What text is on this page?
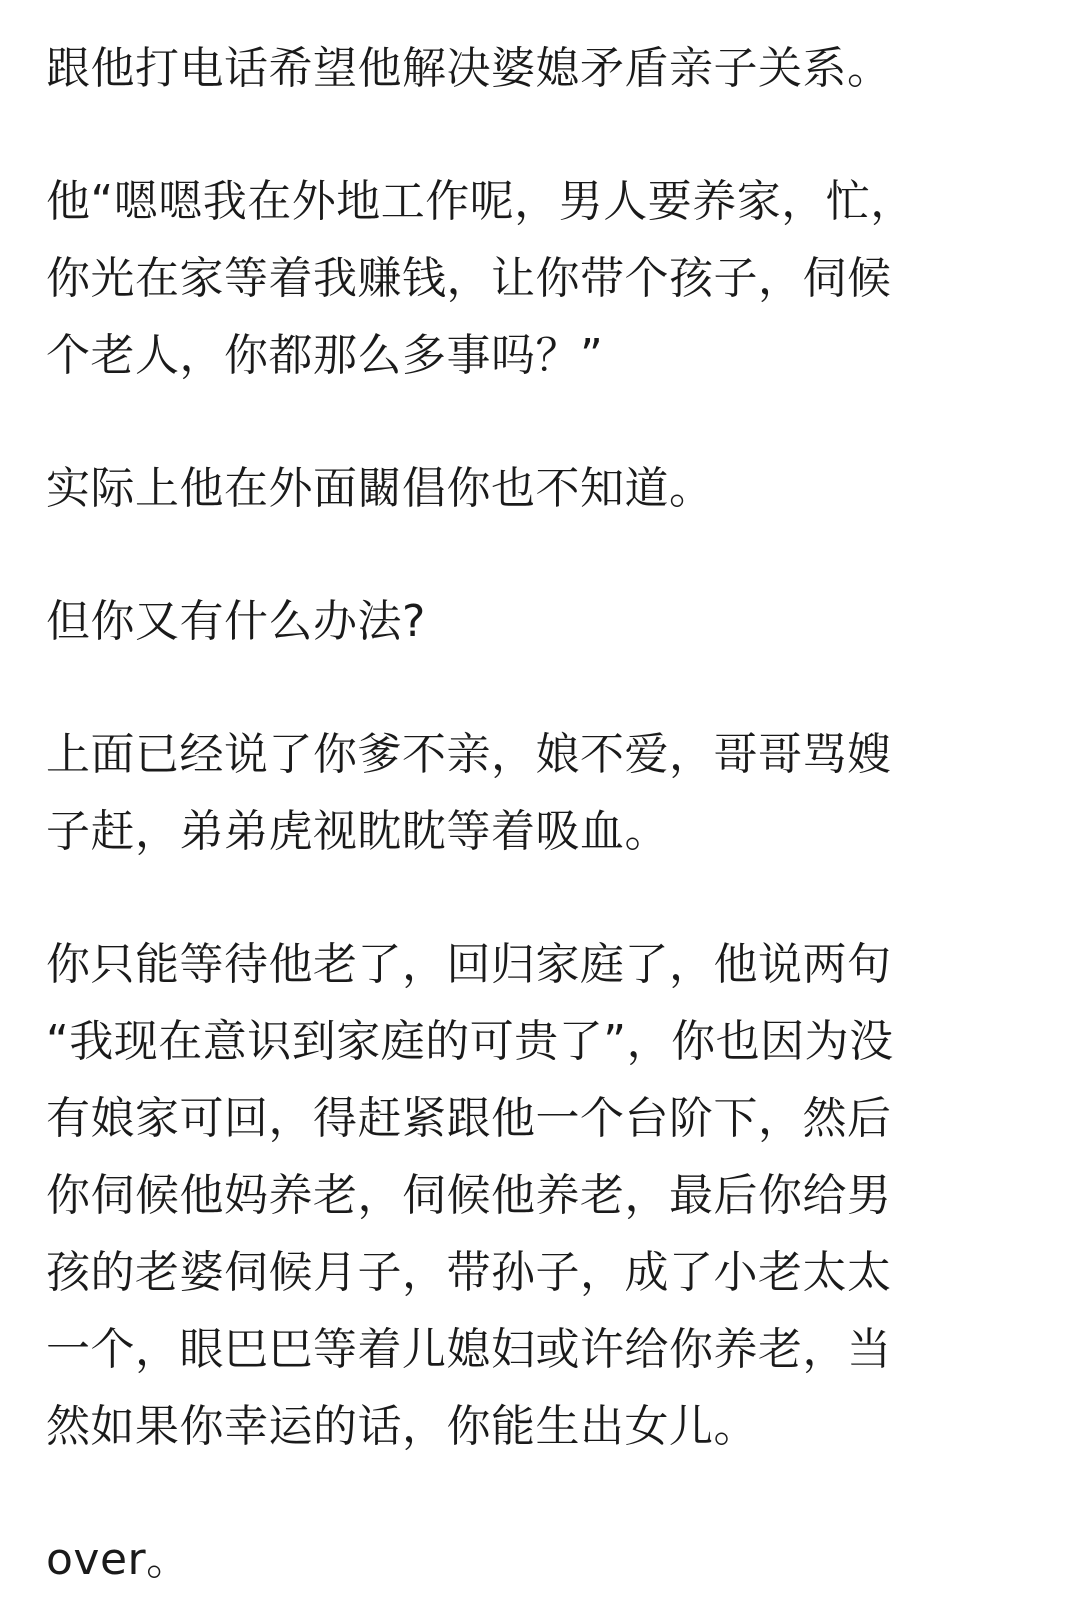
跟他打电话希望他解决婆媳矛盾亲子关系。

他“嗯嗯我在外地工作呢，男人要养家，忙，
你光在家等着我赚钱，让你带个孩子，伺候
个老人，你都那么多事吗？”

实际上他在外面闞倡你也不知道。

但你又有什么办法?

上面已经说了你爹不亲，娘不爱，哥哥骂嫂
子赶，弟弟虎视眈眈等着吸血。

你只能等待他老了，回归家庭了，他说两句
“我现在意识到家庭的可贵了”，你也因为没
有娘家可回，得赶紧跟他一个台阶下，然后
你伺候他妈养老，伺候他养老，最后你给男
孩的老婆伺候月子，带孙子，成了小老太太
一个，眼巴巴等着儿媳妇或许给你养老，当
然如果你幸运的话，你能生出女儿。

over。
